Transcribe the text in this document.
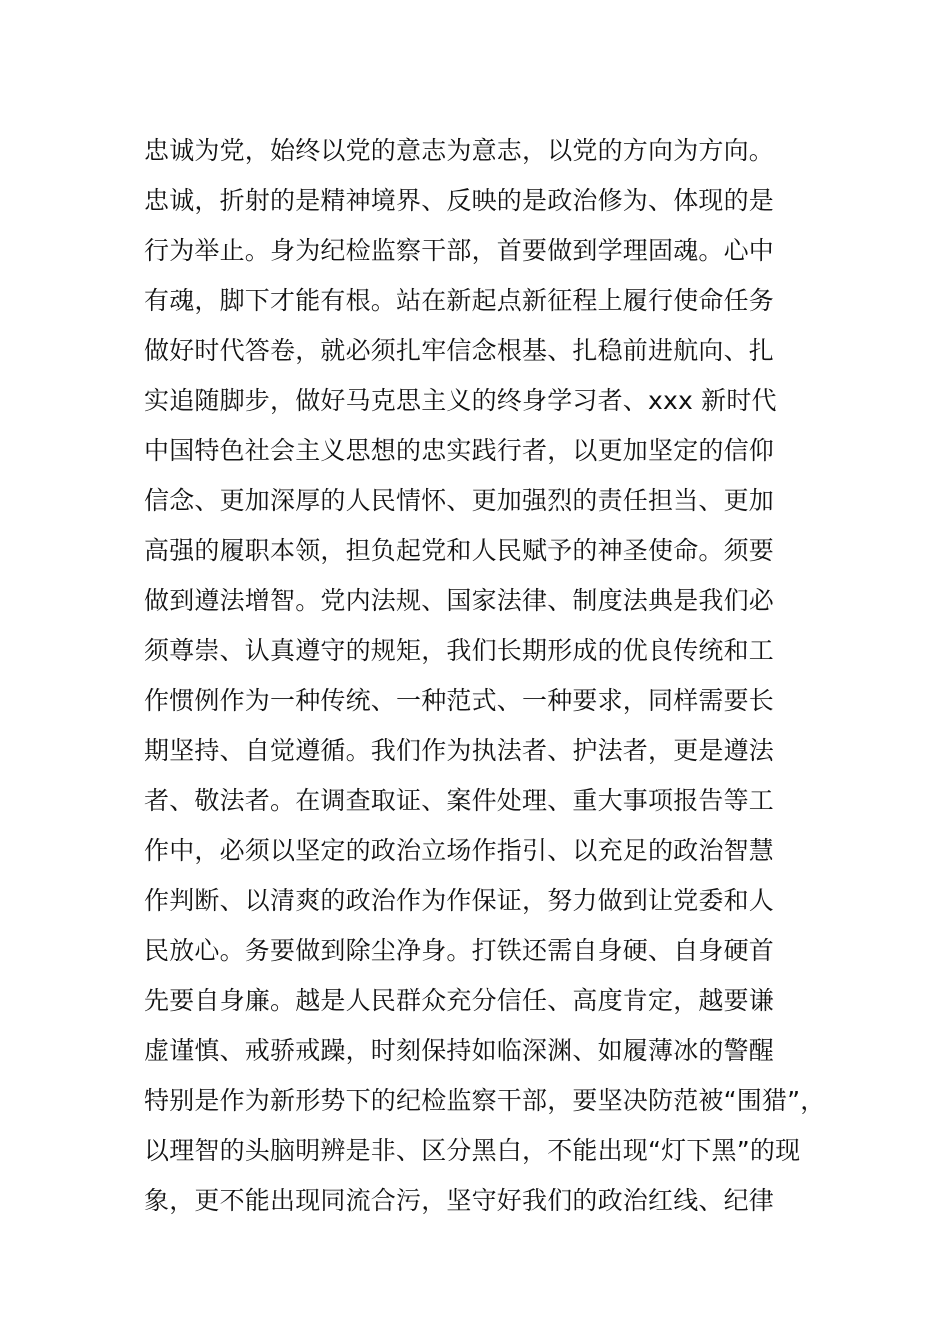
忠诚为党，始终以党的意志为意志，以党的方向为方向。
忠诚，折射的是精神境界、反映的是政治修为、体现的是
行为举止。身为纪检监察干部，首要做到学理固魂。心中
有魂，脚下才能有根。站在新起点新征程上履行使命任务
做好时代答卷，就必须扎牢信念根基、扎稳前进航向、扎
实追随脚步，做好马克思主义的终身学习者、xxx 新时代
中国特色社会主义思想的忠实践行者，以更加坚定的信仰
信念、更加深厚的人民情怀、更加强烈的责任担当、更加
高强的履职本领，担负起党和人民赋予的神圣使命。须要
做到遵法增智。党内法规、国家法律、制度法典是我们必
须尊崇、认真遵守的规矩，我们长期形成的优良传统和工
作惯例作为一种传统、一种范式、一种要求，同样需要长
期坚持、自觉遵循。我们作为执法者、护法者，更是遵法
者、敬法者。在调查取证、案件处理、重大事项报告等工
作中，必须以坚定的政治立场作指引、以充足的政治智慧
作判断、以清爽的政治作为作保证，努力做到让党委和人
民放心。务要做到除尘净身。打铁还需自身硬、自身硬首
先要自身廉。越是人民群众充分信任、高度肯定，越要谦
虚谨慎、戒骄戒躁，时刻保持如临深渊、如履薄冰的警醒
特别是作为新形势下的纪检监察干部，要坚决防范被“围猎”，
以理智的头脑明辨是非、区分黑白，不能出现“灯下黑”的现
象，更不能出现同流合污，坚守好我们的政治红线、纪律
